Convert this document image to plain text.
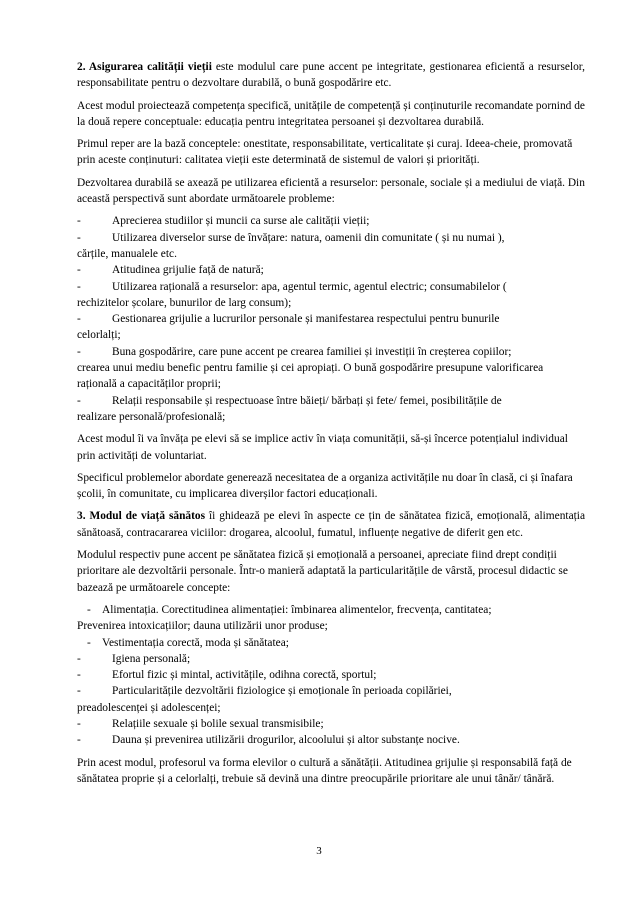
2. Asigurarea calității vieții este modulul care pune accent pe integritate, gestionarea eficientă a resurselor, responsabilitate pentru o dezvoltare durabilă, o bună gospodărire etc.

Acest modul proiectează competența specifică, unitățile de competență și conținuturile recomandate pornind de la două repere conceptuale: educația pentru integritatea persoanei și dezvoltarea durabilă.

Primul reper are la bază conceptele: onestitate, responsabilitate, verticalitate și curaj. Ideea-cheie, promovată prin aceste conținuturi: calitatea vieții este determinată de sistemul de valori și priorități.

Dezvoltarea durabilă se axează pe utilizarea eficientă a resurselor: personale, sociale și a mediului de viață. Din această perspectivă sunt abordate următoarele probleme:

-	Aprecierea studiilor și muncii ca surse ale calității vieții;
-	Utilizarea diverselor surse de învățare: natura, oamenii din comunitate ( și nu numai ),
cărțile, manualele etc.
-	Atitudinea grijulie față de natură;
-	Utilizarea rațională a resurselor: apa, agentul termic, agentul electric; consumabilelor (
rechizitelor școlare, bunurilor de larg consum);
-	Gestionarea grijulie a lucrurilor personale și manifestarea respectului pentru bunurile
celorlalți;
-	Buna gospodărire, care pune accent pe crearea familiei și investiții în creșterea copiilor;
crearea unui mediu benefic pentru familie și cei apropiați. O bună gospodărire presupune valorificarea rațională a capacităților proprii;
-	Relații responsabile și respectuoase între băieți/ bărbați și fete/ femei, posibilitățile de
realizare personală/profesională;

Acest modul îi va învăța pe elevi să se implice activ în viața comunității, să-și încerce potențialul individual prin activități de voluntariat.

Specificul problemelor abordate generează necesitatea de a organiza activitățile nu doar în clasă, ci și înafara școlii, în comunitate, cu implicarea diverșilor factori educaționali.

3. Modul de viață sănătos îi ghidează pe elevi în aspecte ce țin de sănătatea fizică, emoțională, alimentația sănătoasă, contracararea viciilor: drogarea, alcoolul, fumatul, influențe negative de diferit gen etc.

Modulul respectiv pune accent pe sănătatea fizică și emoțională a persoanei, apreciate fiind drept condiții prioritare ale dezvoltării personale. Într-o manieră adaptată la particularitățile de vârstă, procesul didactic se bazează pe următoarele concepte:

- Alimentația. Corectitudinea alimentației: îmbinarea alimentelor, frecvența, cantitatea;
Prevenirea intoxicațiilor; dauna utilizării unor produse;
- Vestimentația corectă, moda și sănătatea;
-	Igiena personală;
-	Efortul fizic și mintal, activitățile, odihna corectă, sportul;
-	Particularitățile dezvoltării fiziologice și emoționale în perioada copilăriei,
preadolescenței și adolescenței;
-	Relațiile sexuale și bolile sexual transmisibile;
-	Dauna și prevenirea utilizării drogurilor, alcoolului și altor substanțe nocive.

Prin acest modul, profesorul va forma elevilor o cultură a sănătății. Atitudinea grijulie și responsabilă față de sănătatea proprie și a celorlalți, trebuie să devină una dintre preocupările prioritare ale unui tânăr/ tânără.

3
